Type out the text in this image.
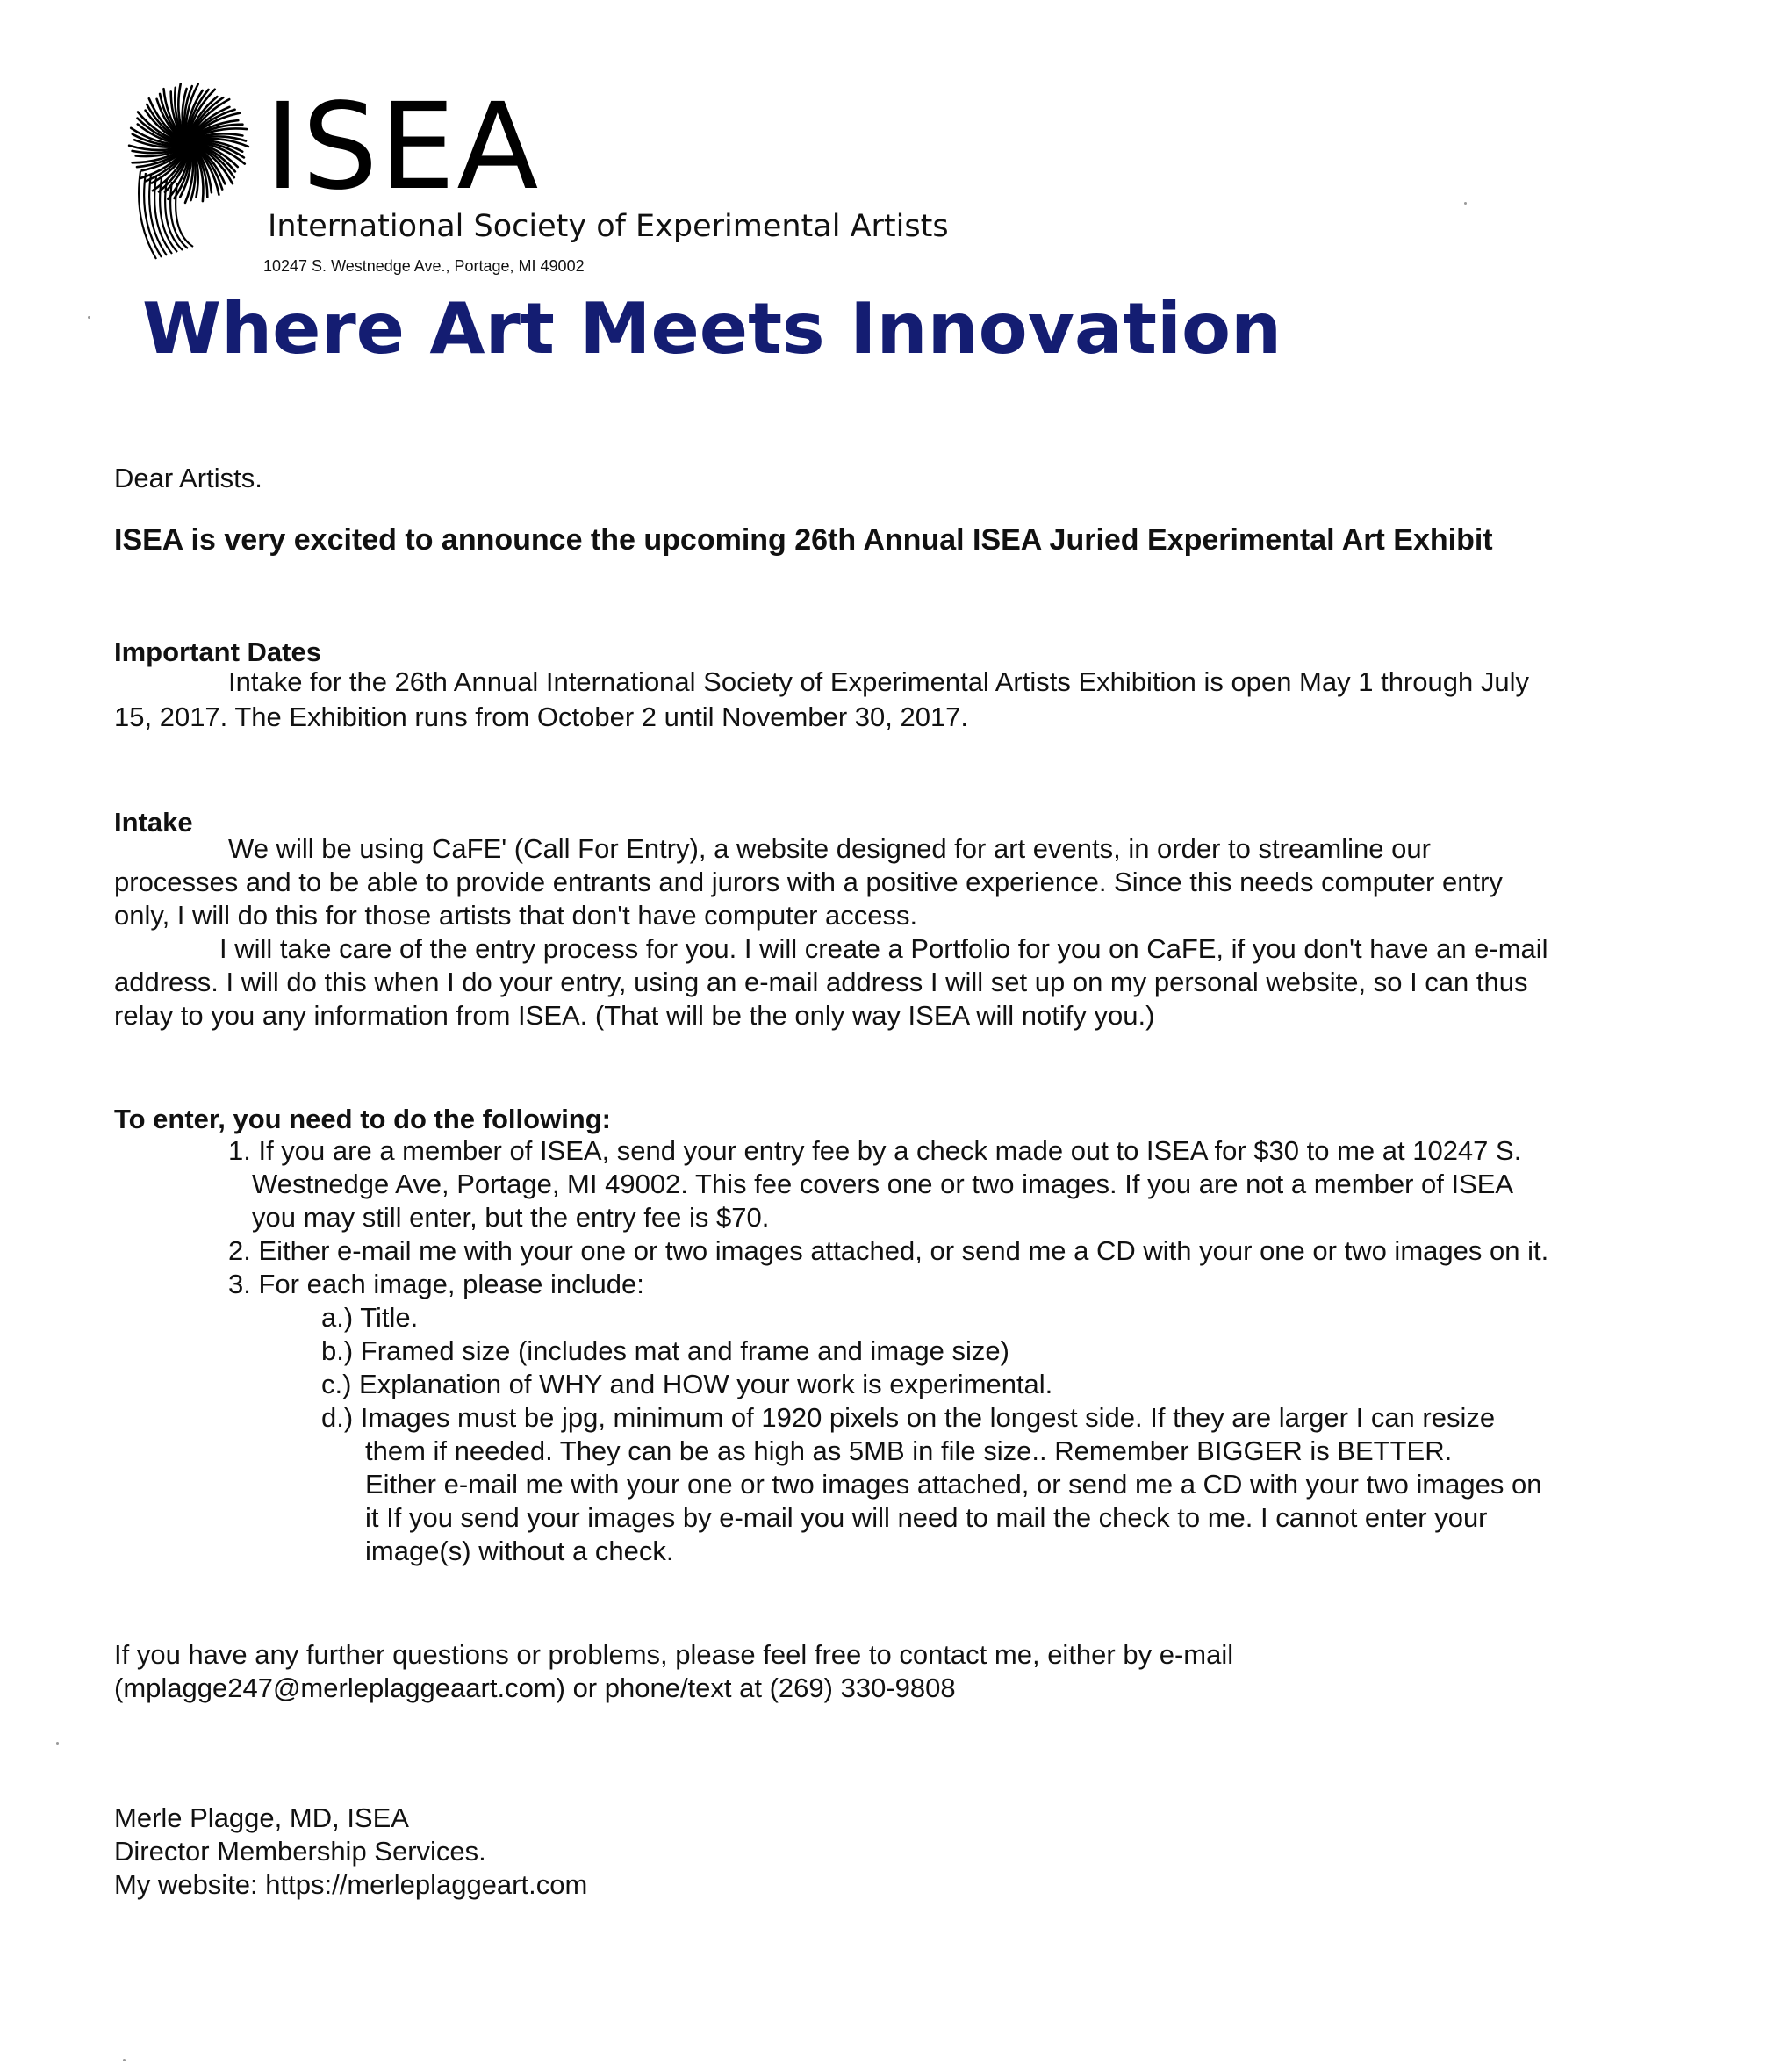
ISEA
International Society of Experimental Artists
10247 S. Westnedge Ave., Portage, MI 49002
Where Art Meets Innovation
Dear Artists.
ISEA is very excited to announce the upcoming 26th Annual ISEA Juried Experimental Art Exhibit
Important Dates
Intake for the 26th Annual International Society of Experimental Artists Exhibition is open May 1 through July
15, 2017. The Exhibition runs from October 2 until November 30, 2017.
Intake
We will be using CaFE' (Call For Entry), a website designed for art events, in order to streamline our
processes and to be able to provide entrants and jurors with a positive experience. Since this needs computer entry
only, I will do this for those artists that don't have computer access.
I will take care of the entry process for you. I will create a Portfolio for you on CaFE, if you don't have an e-mail
address. I will do this when I do your entry, using an e-mail address I will set up on my personal website, so I can thus
relay to you any information from ISEA. (That will be the only way ISEA will notify you.)
To enter, you need to do the following:
1. If you are a member of ISEA, send your entry fee by a check made out to ISEA for $30 to me at 10247 S.
Westnedge Ave, Portage, MI 49002. This fee covers one or two images. If you are not a member of ISEA
you may still enter, but the entry fee is $70.
2. Either e-mail me with your one or two images attached, or send me a CD with your one or two images on it.
3. For each image, please include:
a.) Title.
b.) Framed size (includes mat and frame and image size)
c.) Explanation of WHY and HOW your work is experimental.
d.) Images must be jpg, minimum of 1920 pixels on the longest side. If they are larger I can resize
them if needed. They can be as high as 5MB in file size.. Remember BIGGER is BETTER.
Either e-mail me with your one or two images attached, or send me a CD with your two images on
it If you send your images by e-mail you will need to mail the check to me. I cannot enter your
image(s) without a check.
If you have any further questions or problems, please feel free to contact me, either by e-mail
(mplagge247@merleplaggeaart.com) or phone/text at (269) 330-9808
Merle Plagge, MD, ISEA
Director Membership Services.
My website: https://merleplaggeart.com
